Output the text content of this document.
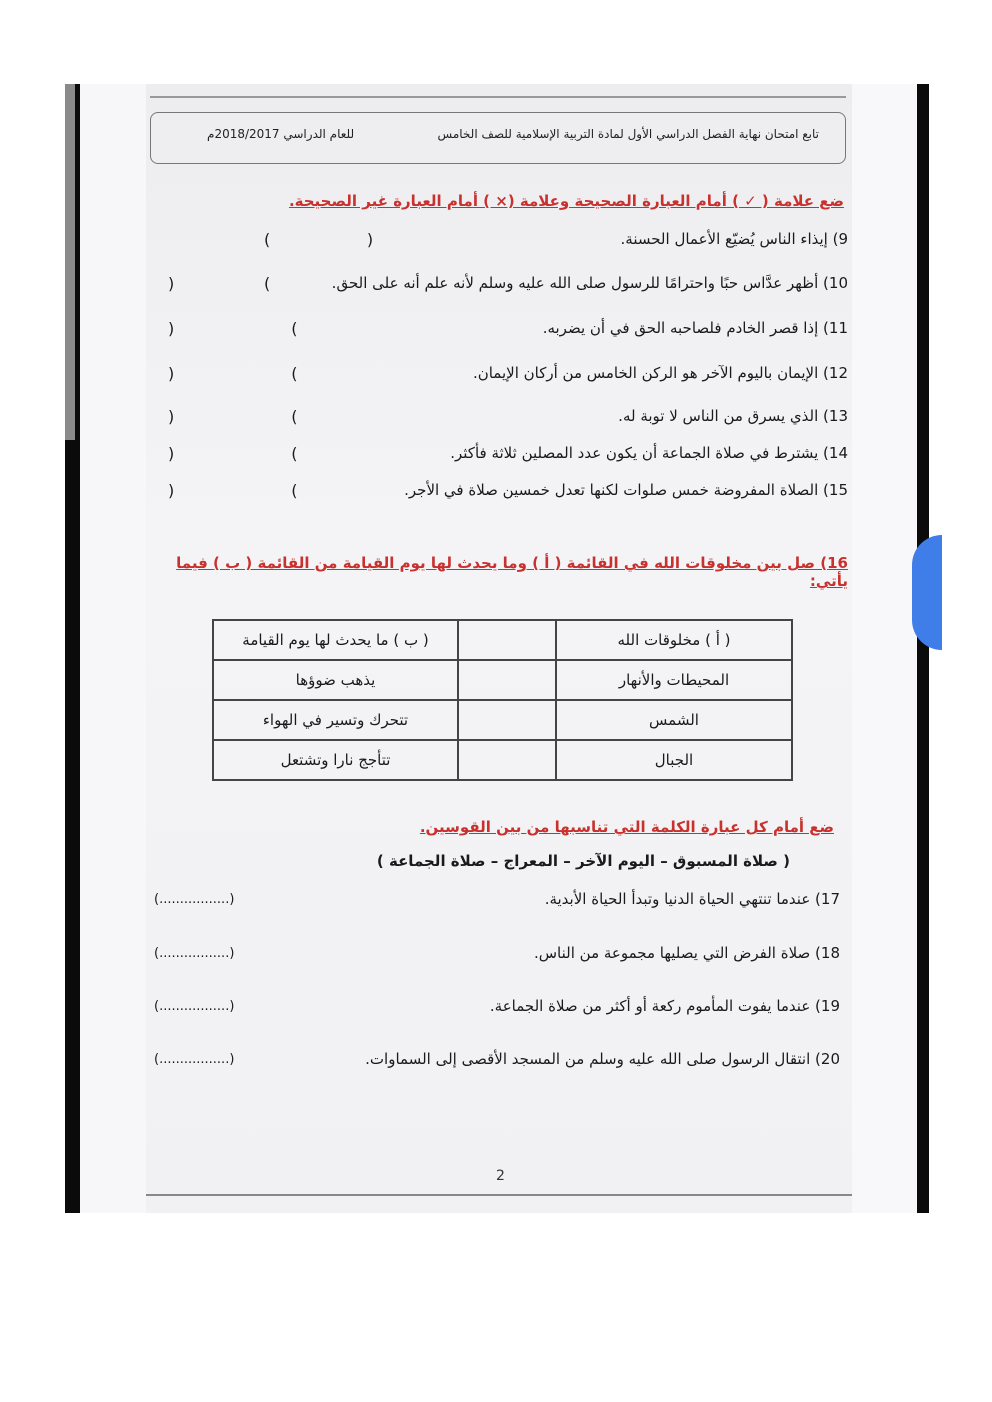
تابع امتحان نهاية الفصل الدراسي الأول لمادة التربية الإسلامية للصف الخامس
للعام الدراسي 2018/2017م
ضع علامة ( ✓ ) أمام العبارة الصحيحة وعلامة (× ) أمام العبارة غير الصحيحة.
9) إيذاء الناس يُضيّع الأعمال الحسنة.
(                   )
10) أظهر عدَّاس حبًا واحترامًا للرسول صلى الله عليه وسلم لأنه علم أنه على الحق.
)	(
11) إذا قصر الخادم فلصاحبه الحق في أن يضربه.
)                       (
12) الإيمان باليوم الآخر هو الركن الخامس من أركان الإيمان.
)                       (
13) الذي يسرق من الناس لا توبة له.
)                       (
14) يشترط في صلاة الجماعة أن يكون عدد المصلين ثلاثة فأكثر.
)                       (
15) الصلاة المفروضة خمس صلوات لكنها تعدل خمسين صلاة في الأجر.
)                       (
16) صل بين مخلوقات الله في القائمة ( أ ) وما يحدث لها يوم القيامة من القائمة ( ب ) فيما يأتي:
( أ ) مخلوقات الله		( ب ) ما يحدث لها يوم القيامة
المحيطات والأنهار		يذهب ضوؤها
الشمس		تتحرك وتسير في الهواء
الجبال		تتأجج نارا وتشتعل
ضع أمام كل عبارة الكلمة التي تناسبها من بين القوسين.
( صلاة المسبوق – اليوم الآخر – المعراج – صلاة الجماعة )
17) عندما تنتهي الحياة الدنيا وتبدأ الحياة الأبدية.
(.................)
18) صلاة الفرض التي يصليها مجموعة من الناس.
(.................)
19) عندما يفوت المأموم ركعة أو أكثر من صلاة الجماعة.
(.................)
20) انتقال الرسول صلى الله عليه وسلم من المسجد الأقصى إلى السماوات.
(.................)
2
